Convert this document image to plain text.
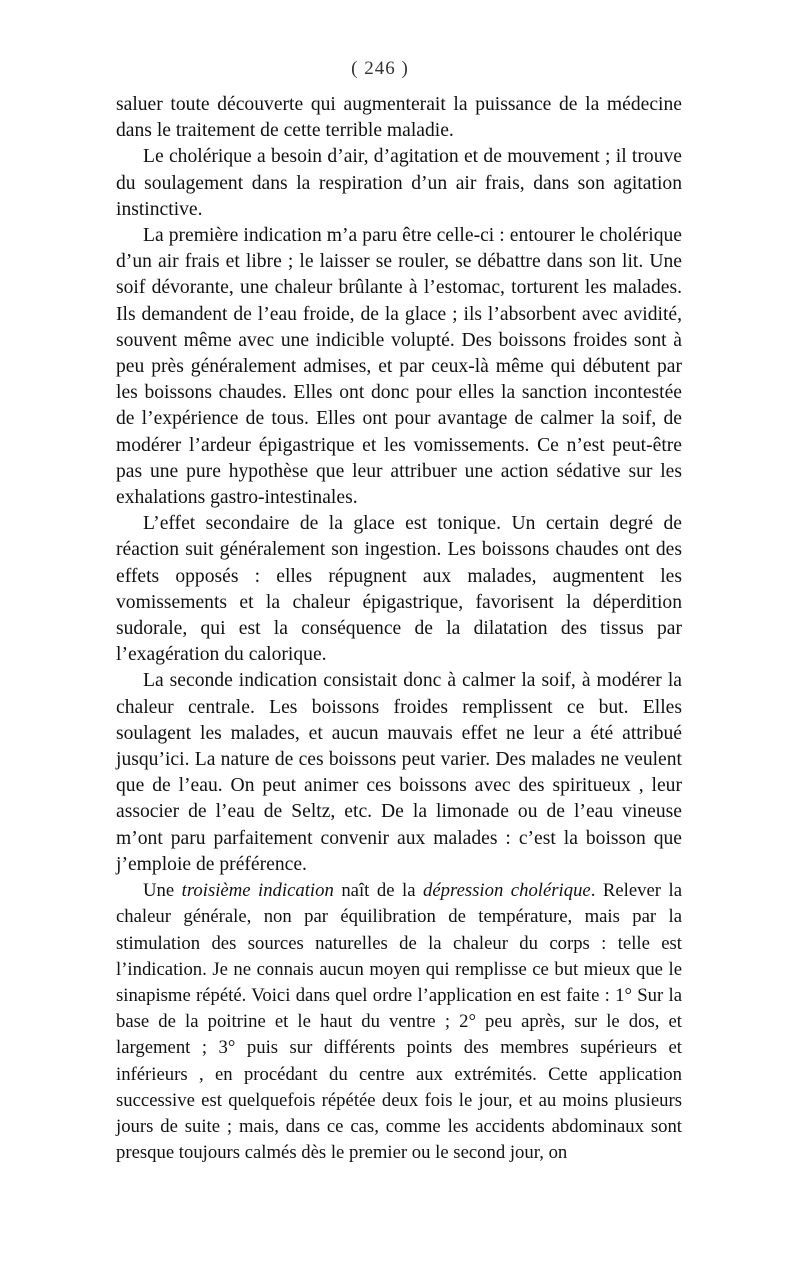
( 246 )

saluer toute découverte qui augmenterait la puissance de la médecine dans le traitement de cette terrible maladie.

Le cholérique a besoin d’air, d’agitation et de mouvement ; il trouve du soulagement dans la respiration d’un air frais, dans son agitation instinctive.

La première indication m’a paru être celle-ci : entourer le cholérique d’un air frais et libre ; le laisser se rouler, se débattre dans son lit. Une soif dévorante, une chaleur brûlante à l’estomac, torturent les malades. Ils demandent de l’eau froide, de la glace ; ils l’absorbent avec avidité, souvent même avec une indicible volupté. Des boissons froides sont à peu près généralement admises, et par ceux-là même qui débutent par les boissons chaudes. Elles ont donc pour elles la sanction incontestée de l’expérience de tous. Elles ont pour avantage de calmer la soif, de modérer l’ardeur épigastrique et les vomissements. Ce n’est peut-être pas une pure hypothèse que leur attribuer une action sédative sur les exhalations gastro-intestinales.

L’effet secondaire de la glace est tonique. Un certain degré de réaction suit généralement son ingestion. Les boissons chaudes ont des effets opposés : elles répugnent aux malades, augmentent les vomissements et la chaleur épigastrique, favorisent la déperdition sudorale, qui est la conséquence de la dilatation des tissus par l’exagération du calorique.

La seconde indication consistait donc à calmer la soif, à modérer la chaleur centrale. Les boissons froides remplissent ce but. Elles soulagent les malades, et aucun mauvais effet ne leur a été attribué jusqu’ici. La nature de ces boissons peut varier. Des malades ne veulent que de l’eau. On peut animer ces boissons avec des spiritueux , leur associer de l’eau de Seltz, etc. De la limonade ou de l’eau vineuse m’ont paru parfaitement convenir aux malades : c’est la boisson que j’emploie de préférence.

Une troisième indication naît de la dépression cholérique. Relever la chaleur générale, non par équilibration de température, mais par la stimulation des sources naturelles de la chaleur du corps : telle est l’indication. Je ne connais aucun moyen qui remplisse ce but mieux que le sinapisme répété. Voici dans quel ordre l’application en est faite : 1° Sur la base de la poitrine et le haut du ventre ; 2° peu après, sur le dos, et largement ; 3° puis sur différents points des membres supérieurs et inférieurs , en procédant du centre aux extrémités. Cette application successive est quelquefois répétée deux fois le jour, et au moins plusieurs jours de suite ; mais, dans ce cas, comme les accidents abdominaux sont presque toujours calmés dès le premier ou le second jour, on
